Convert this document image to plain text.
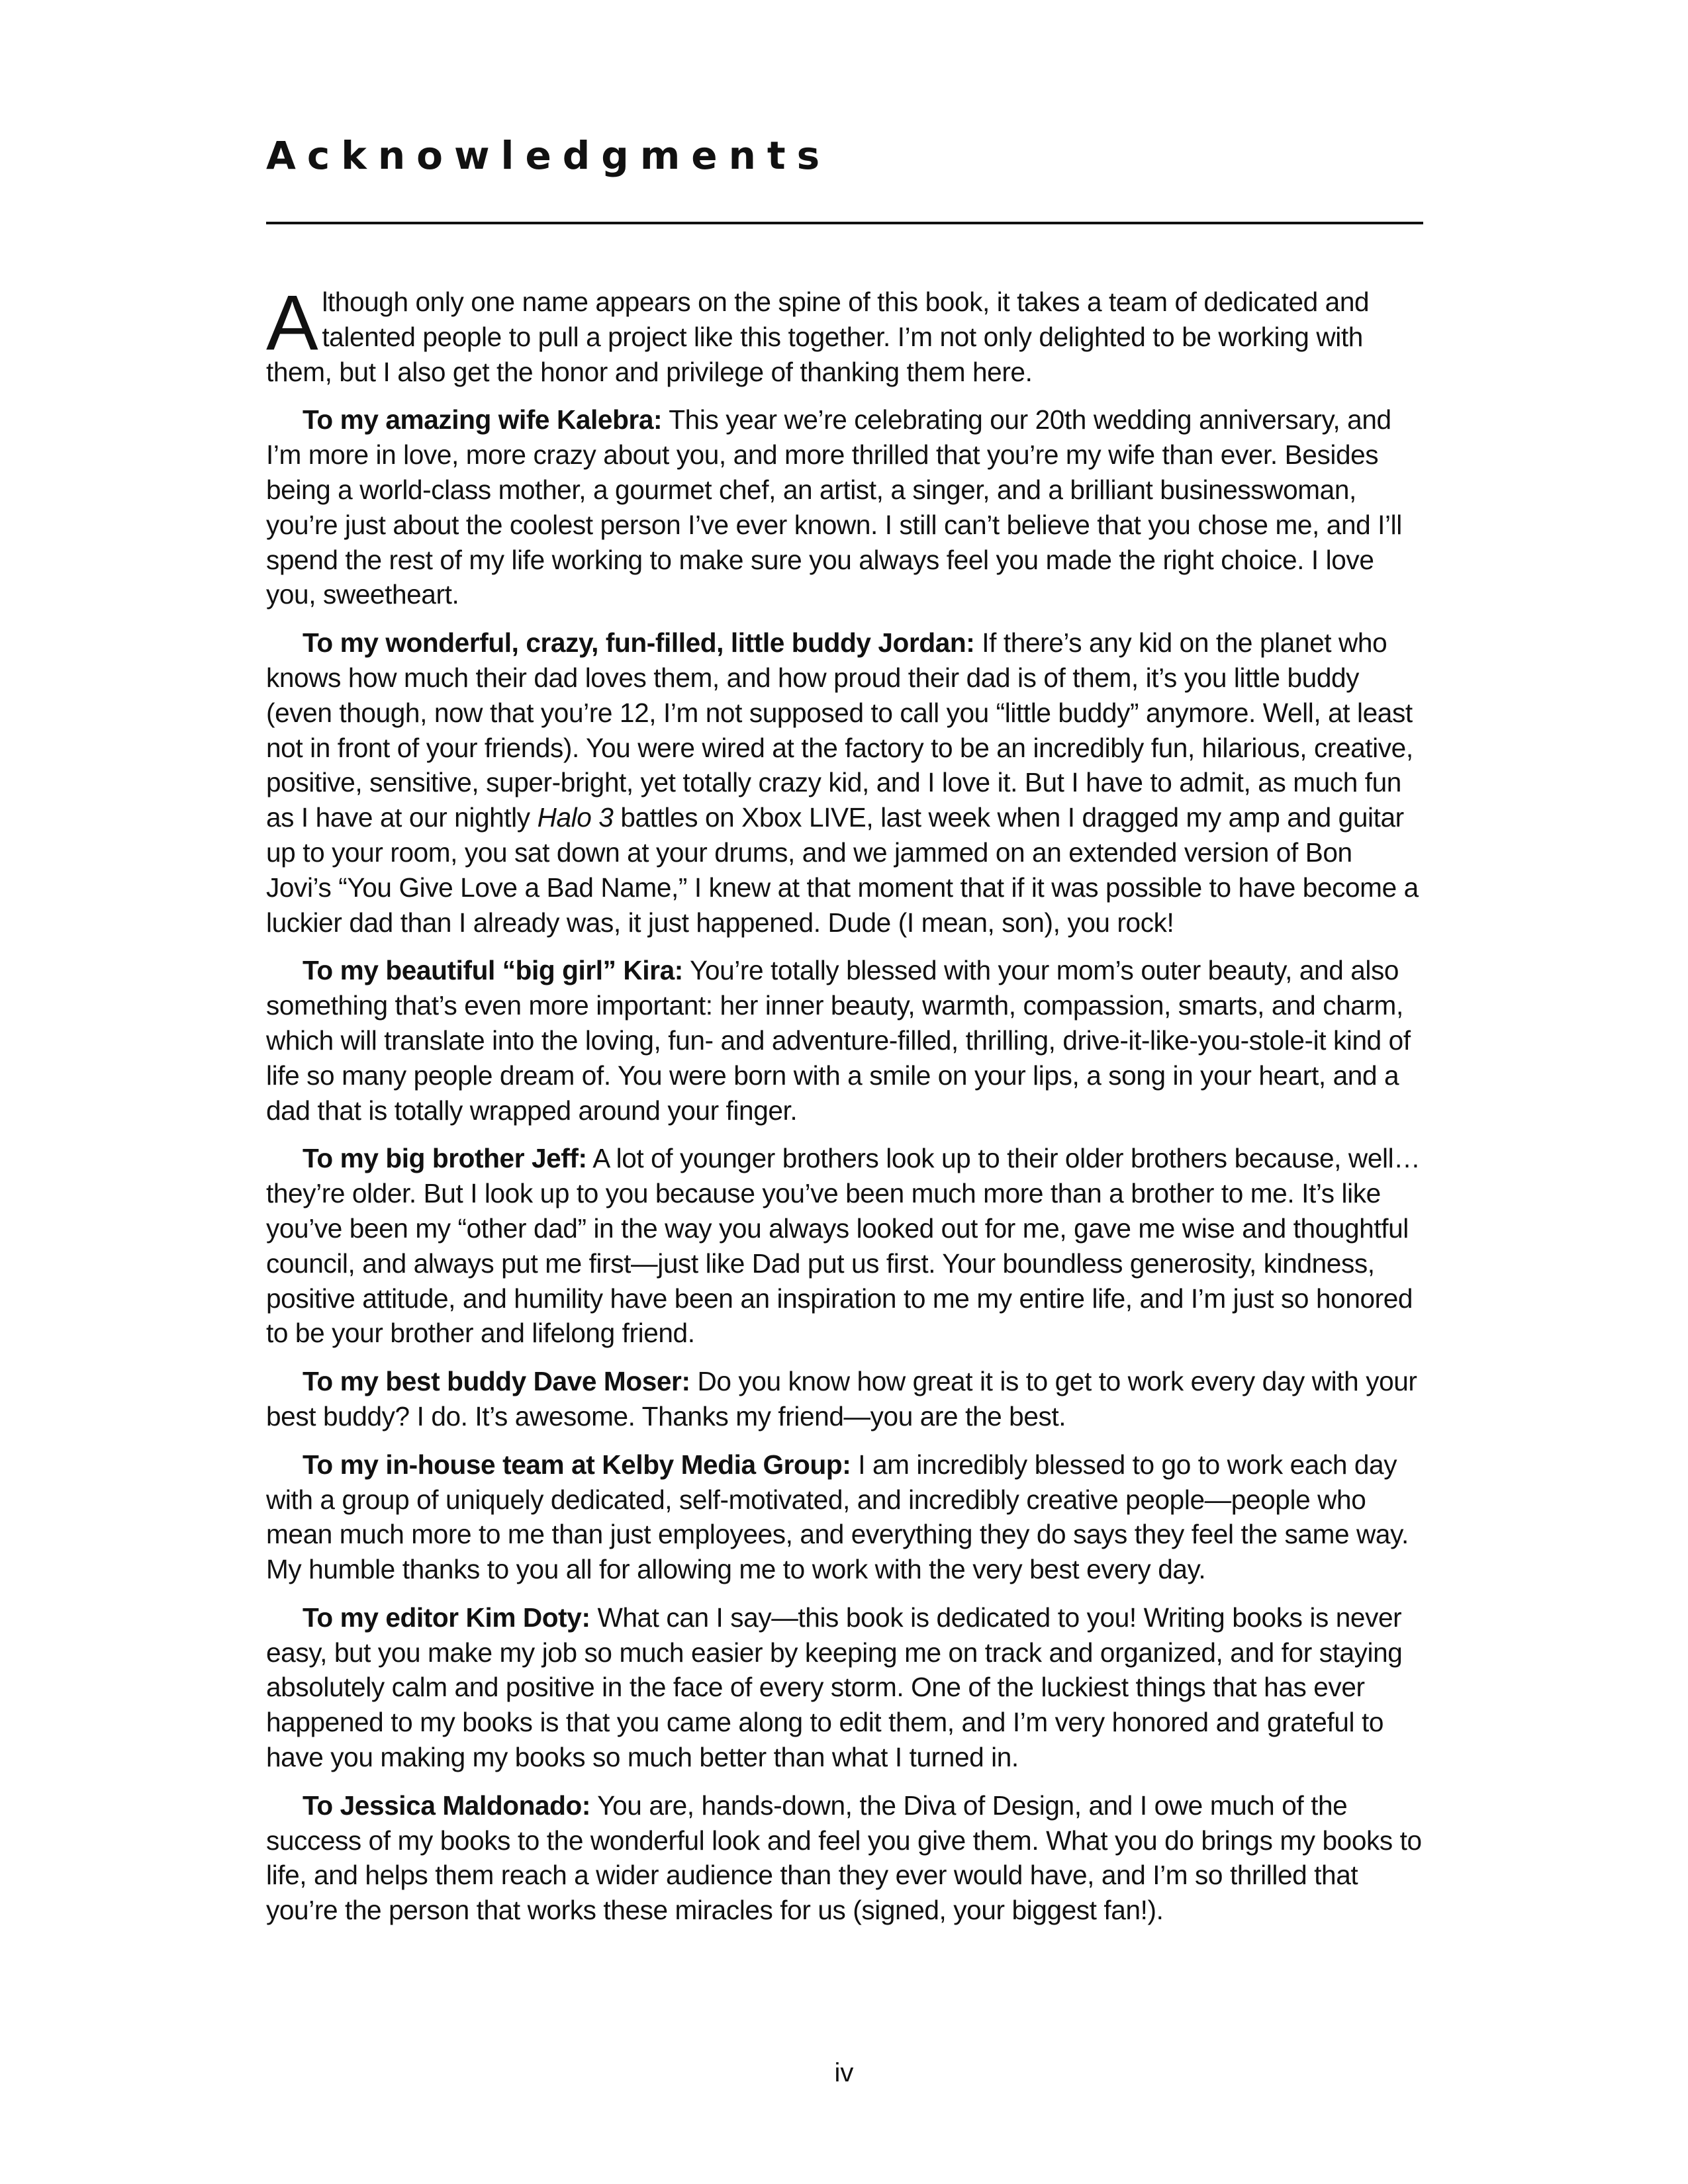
Acknowledgments

Although only one name appears on the spine of this book, it takes a team of dedicated and talented people to pull a project like this together. I’m not only delighted to be working with them, but I also get the honor and privilege of thanking them here.

To my amazing wife Kalebra: This year we’re celebrating our 20th wedding anniversary, and I’m more in love, more crazy about you, and more thrilled that you’re my wife than ever. Besides being a world-class mother, a gourmet chef, an artist, a singer, and a brilliant businesswoman, you’re just about the coolest person I’ve ever known. I still can’t believe that you chose me, and I’ll spend the rest of my life working to make sure you always feel you made the right choice. I love you, sweetheart.

To my wonderful, crazy, fun-filled, little buddy Jordan: If there’s any kid on the planet who knows how much their dad loves them, and how proud their dad is of them, it’s you little buddy (even though, now that you’re 12, I’m not supposed to call you “little buddy” anymore. Well, at least not in front of your friends). You were wired at the factory to be an incredibly fun, hilarious, creative, positive, sensitive, super-bright, yet totally crazy kid, and I love it. But I have to admit, as much fun as I have at our nightly Halo 3 battles on Xbox LIVE, last week when I dragged my amp and guitar up to your room, you sat down at your drums, and we jammed on an extended version of Bon Jovi’s “You Give Love a Bad Name,” I knew at that moment that if it was possible to have become a luckier dad than I already was, it just happened. Dude (I mean, son), you rock!

To my beautiful “big girl” Kira: You’re totally blessed with your mom’s outer beauty, and also something that’s even more important: her inner beauty, warmth, compassion, smarts, and charm, which will translate into the loving, fun- and adventure-filled, thrilling, drive-it-like-you-stole-it kind of life so many people dream of. You were born with a smile on your lips, a song in your heart, and a dad that is totally wrapped around your finger.

To my big brother Jeff: A lot of younger brothers look up to their older brothers because, well…they’re older. But I look up to you because you’ve been much more than a brother to me. It’s like you’ve been my “other dad” in the way you always looked out for me, gave me wise and thoughtful council, and always put me first—just like Dad put us first. Your boundless generosity, kindness, positive attitude, and humility have been an inspiration to me my entire life, and I’m just so honored to be your brother and lifelong friend.

To my best buddy Dave Moser: Do you know how great it is to get to work every day with your best buddy? I do. It’s awesome. Thanks my friend—you are the best.

To my in-house team at Kelby Media Group: I am incredibly blessed to go to work each day with a group of uniquely dedicated, self-motivated, and incredibly creative people—people who mean much more to me than just employees, and everything they do says they feel the same way. My humble thanks to you all for allowing me to work with the very best every day.

To my editor Kim Doty: What can I say—this book is dedicated to you! Writing books is never easy, but you make my job so much easier by keeping me on track and organized, and for staying absolutely calm and positive in the face of every storm. One of the luckiest things that has ever happened to my books is that you came along to edit them, and I’m very honored and grateful to have you making my books so much better than what I turned in.

To Jessica Maldonado: You are, hands-down, the Diva of Design, and I owe much of the success of my books to the wonderful look and feel you give them. What you do brings my books to life, and helps them reach a wider audience than they ever would have, and I’m so thrilled that you’re the person that works these miracles for us (signed, your biggest fan!).

iv
